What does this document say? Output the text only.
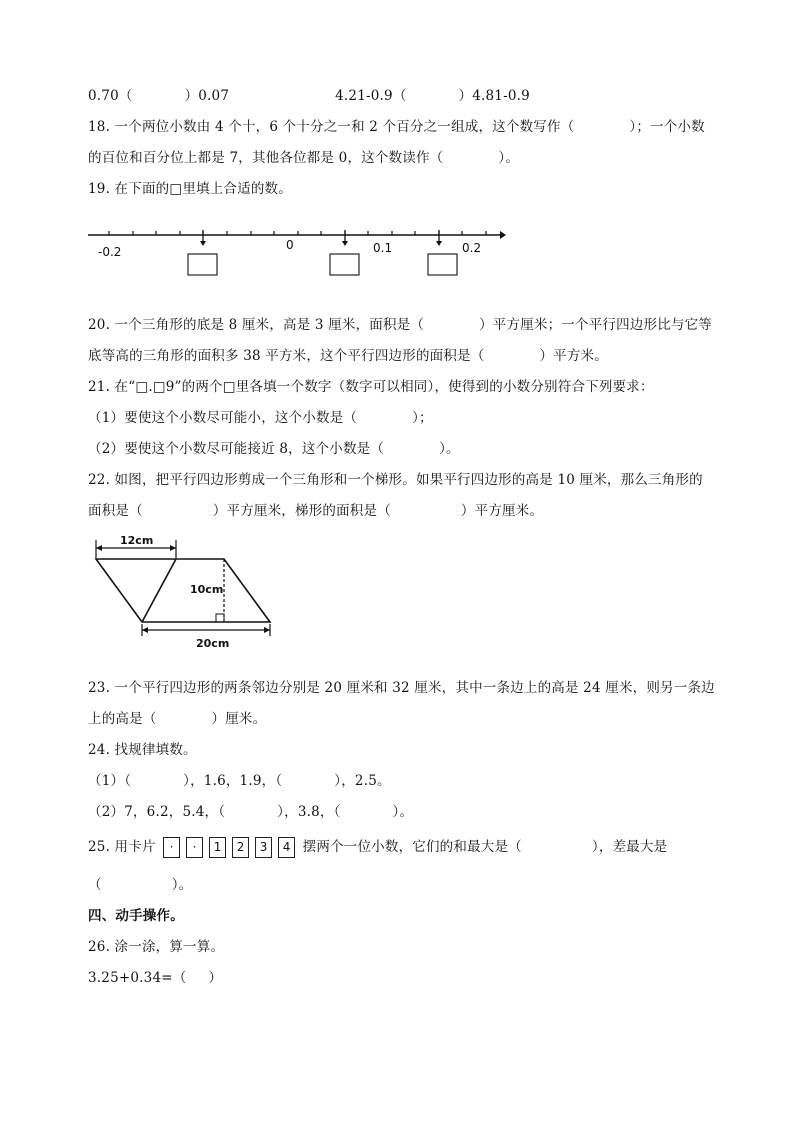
0.70（	）0.07	4.21-0.9（	）4.81-0.9
18. 一个两位小数由 4 个十，6 个十分之一和 2 个百分之一组成，这个数写作（	）；一个小数
的百位和百分位上都是 7，其他各位都是 0，这个数读作（	）。
19. 在下面的□里填上合适的数。
-0.2	0	0.1	0.2
20. 一个三角形的底是 8 厘米，高是 3 厘米，面积是（	）平方厘米；一个平行四边形比与它等
底等高的三角形的面积多 38 平方米，这个平行四边形的面积是（	）平方米。
21. 在“□.□9”的两个□里各填一个数字（数字可以相同），使得到的小数分别符合下列要求：
（1）要使这个小数尽可能小，这个小数是（	）；
（2）要使这个小数尽可能接近 8，这个小数是（	）。
22. 如图，把平行四边形剪成一个三角形和一个梯形。如果平行四边形的高是 10 厘米，那么三角形的
面积是（	）平方厘米，梯形的面积是（	）平方厘米。
12cm
10cm
20cm
23. 一个平行四边形的两条邻边分别是 20 厘米和 32 厘米，其中一条边上的高是 24 厘米，则另一条边
上的高是（	）厘米。
24. 找规律填数。
（1）（	），1.6，1.9，（	），2.5。
（2）7，6.2，5.4，（	），3.8，（	）。
25. 用卡片 · · 1 2 3 4 摆两个一位小数，它们的和最大是（	），差最大是
（	）。
四、动手操作。
26. 涂一涂，算一算。
3.25+0.34=（ ）
